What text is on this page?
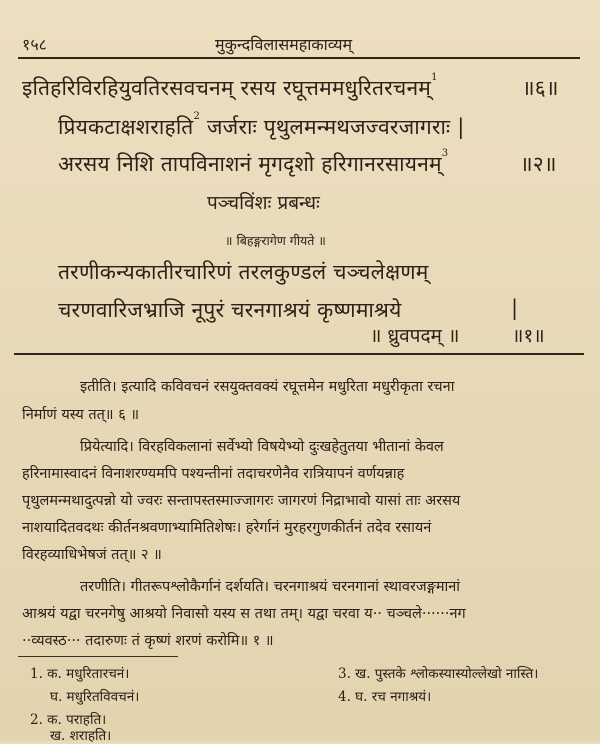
१५८	मुकुन्दविलासमहाकाव्यम्
इतिहरिविरहियुवतिरसवचनम् रसय रघूत्तममधुरितरचनम्$^1$	॥६॥
प्रियकटाक्षशराहति$^2$ जर्जराः पृथुलमन्मथजज्वरजागराः |
अरसय निशि तापविनाशनं मृगदृशो हरिगानरसायनम्$^3$	॥२॥
पञ्चविंशः प्रबन्धः
॥ बिहङ्गरागेण गीयते ॥
तरणीकन्यकातीरचारिणं तरलकुण्डलं चञ्चलेक्षणम्
चरणवारिजभ्राजि नूपुरं चरनगाश्रयं कृष्णमाश्रये	|
॥ ध्रुवपदम् ॥	॥१॥
इतीति। इत्यादि कविवचनं रसयुक्तवक्यं रघूत्तमेन मधुरिता मधुरीकृता रचना
निर्माणं यस्य तत्॥ ६ ॥
प्रियेत्यादि। विरहविकलानां सर्वेभ्यो विषयेभ्यो दुःखहेतुतया भीतानां केवल
हरिनामास्वादनं विनाशरण्यमपि पश्यन्तीनां तदाचरणेनैव रात्रियापनं वर्णयन्नाह
पृथुलमन्मथादुत्पन्नो यो ज्वरः सन्तापस्तस्माज्जागरः जागरणं निद्राभावो यासां ताः अरसय
नाशयादितवदथः कीर्तनश्रवणाभ्यामितिशेषः। हरेर्गानं मुरहरगुणकीर्तनं तदेव रसायनं
विरहव्याधिभेषजं तत्॥ २ ॥
तरणीति। गीतरूपश्लोकैर्गानं दर्शयति। चरनगाश्रयं चरनगानां स्थावरजङ्गमानां
आश्रयं यद्वा चरनगेषु आश्रयो निवासो यस्य स तथा तम्। यद्वा चरवा य·· चञ्चले······नग
··व्यवस्ठ··· तदारुणः तं कृष्णं शरणं करोमि॥ १ ॥
1. क. मधुरितारचनं।
घ. मधुरितविवचनं।
2. क. पराहति।
ख. शराहति।
3. ख. पुस्तके श्लोकस्यास्योल्लेखो नास्ति।
4. घ. रच नगाश्रयं।
